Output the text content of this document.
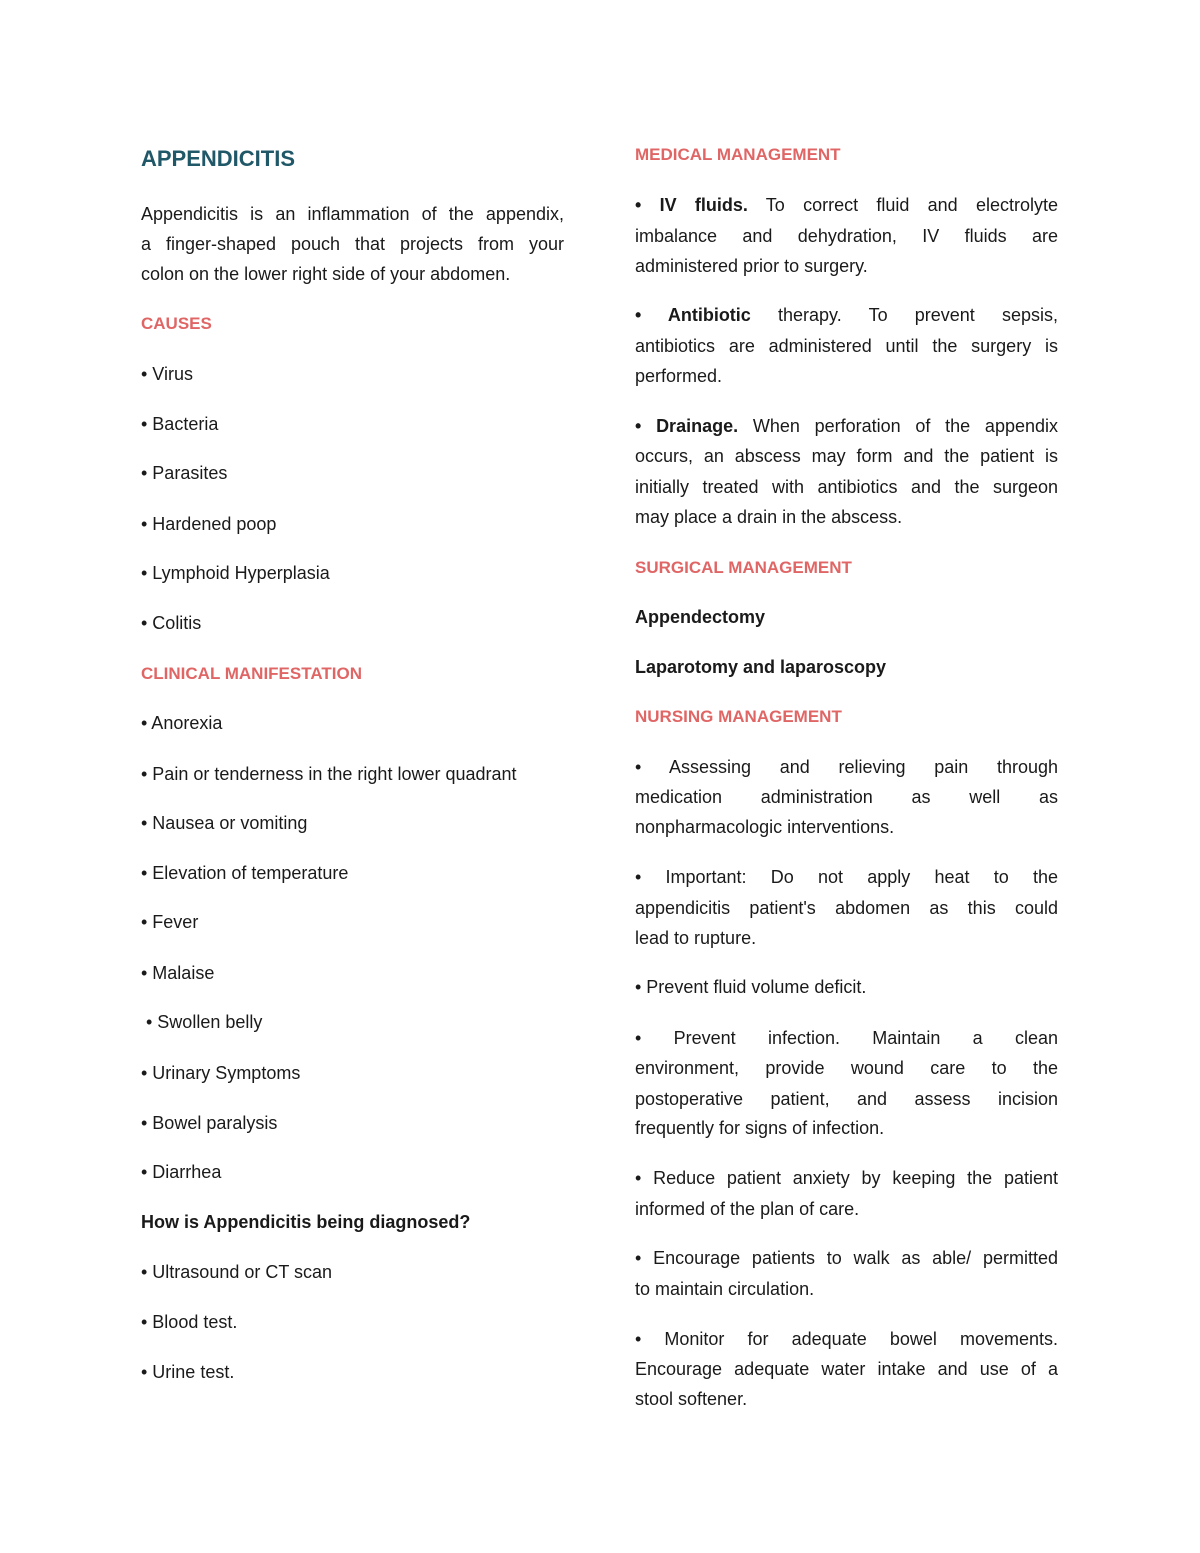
APPENDICITIS
Appendicitis is an inflammation of the appendix,
a finger-shaped pouch that projects from your
colon on the lower right side of your abdomen.
CAUSES
• Virus
• Bacteria
• Parasites
• Hardened poop
• Lymphoid Hyperplasia
• Colitis
CLINICAL MANIFESTATION
• Anorexia
• Pain or tenderness in the right lower quadrant
• Nausea or vomiting
• Elevation of temperature
• Fever
• Malaise
• Swollen belly
• Urinary Symptoms
• Bowel paralysis
• Diarrhea
How is Appendicitis being diagnosed?
• Ultrasound or CT scan
• Blood test.
• Urine test.
MEDICAL MANAGEMENT
• IV fluids. To correct fluid and electrolyte
imbalance and dehydration, IV fluids are
administered prior to surgery.
• Antibiotic therapy. To prevent sepsis,
antibiotics are administered until the surgery is
performed.
• Drainage. When perforation of the appendix
occurs, an abscess may form and the patient is
initially treated with antibiotics and the surgeon
may place a drain in the abscess.
SURGICAL MANAGEMENT
Appendectomy
Laparotomy and laparoscopy
NURSING MANAGEMENT
• Assessing and relieving pain through
medication administration as well as
nonpharmacologic interventions.
• Important: Do not apply heat to the
appendicitis patient's abdomen as this could
lead to rupture.
• Prevent fluid volume deficit.
• Prevent infection. Maintain a clean
environment, provide wound care to the
postoperative patient, and assess incision
frequently for signs of infection.
• Reduce patient anxiety by keeping the patient
informed of the plan of care.
• Encourage patients to walk as able/ permitted
to maintain circulation.
• Monitor for adequate bowel movements.
Encourage adequate water intake and use of a
stool softener.
